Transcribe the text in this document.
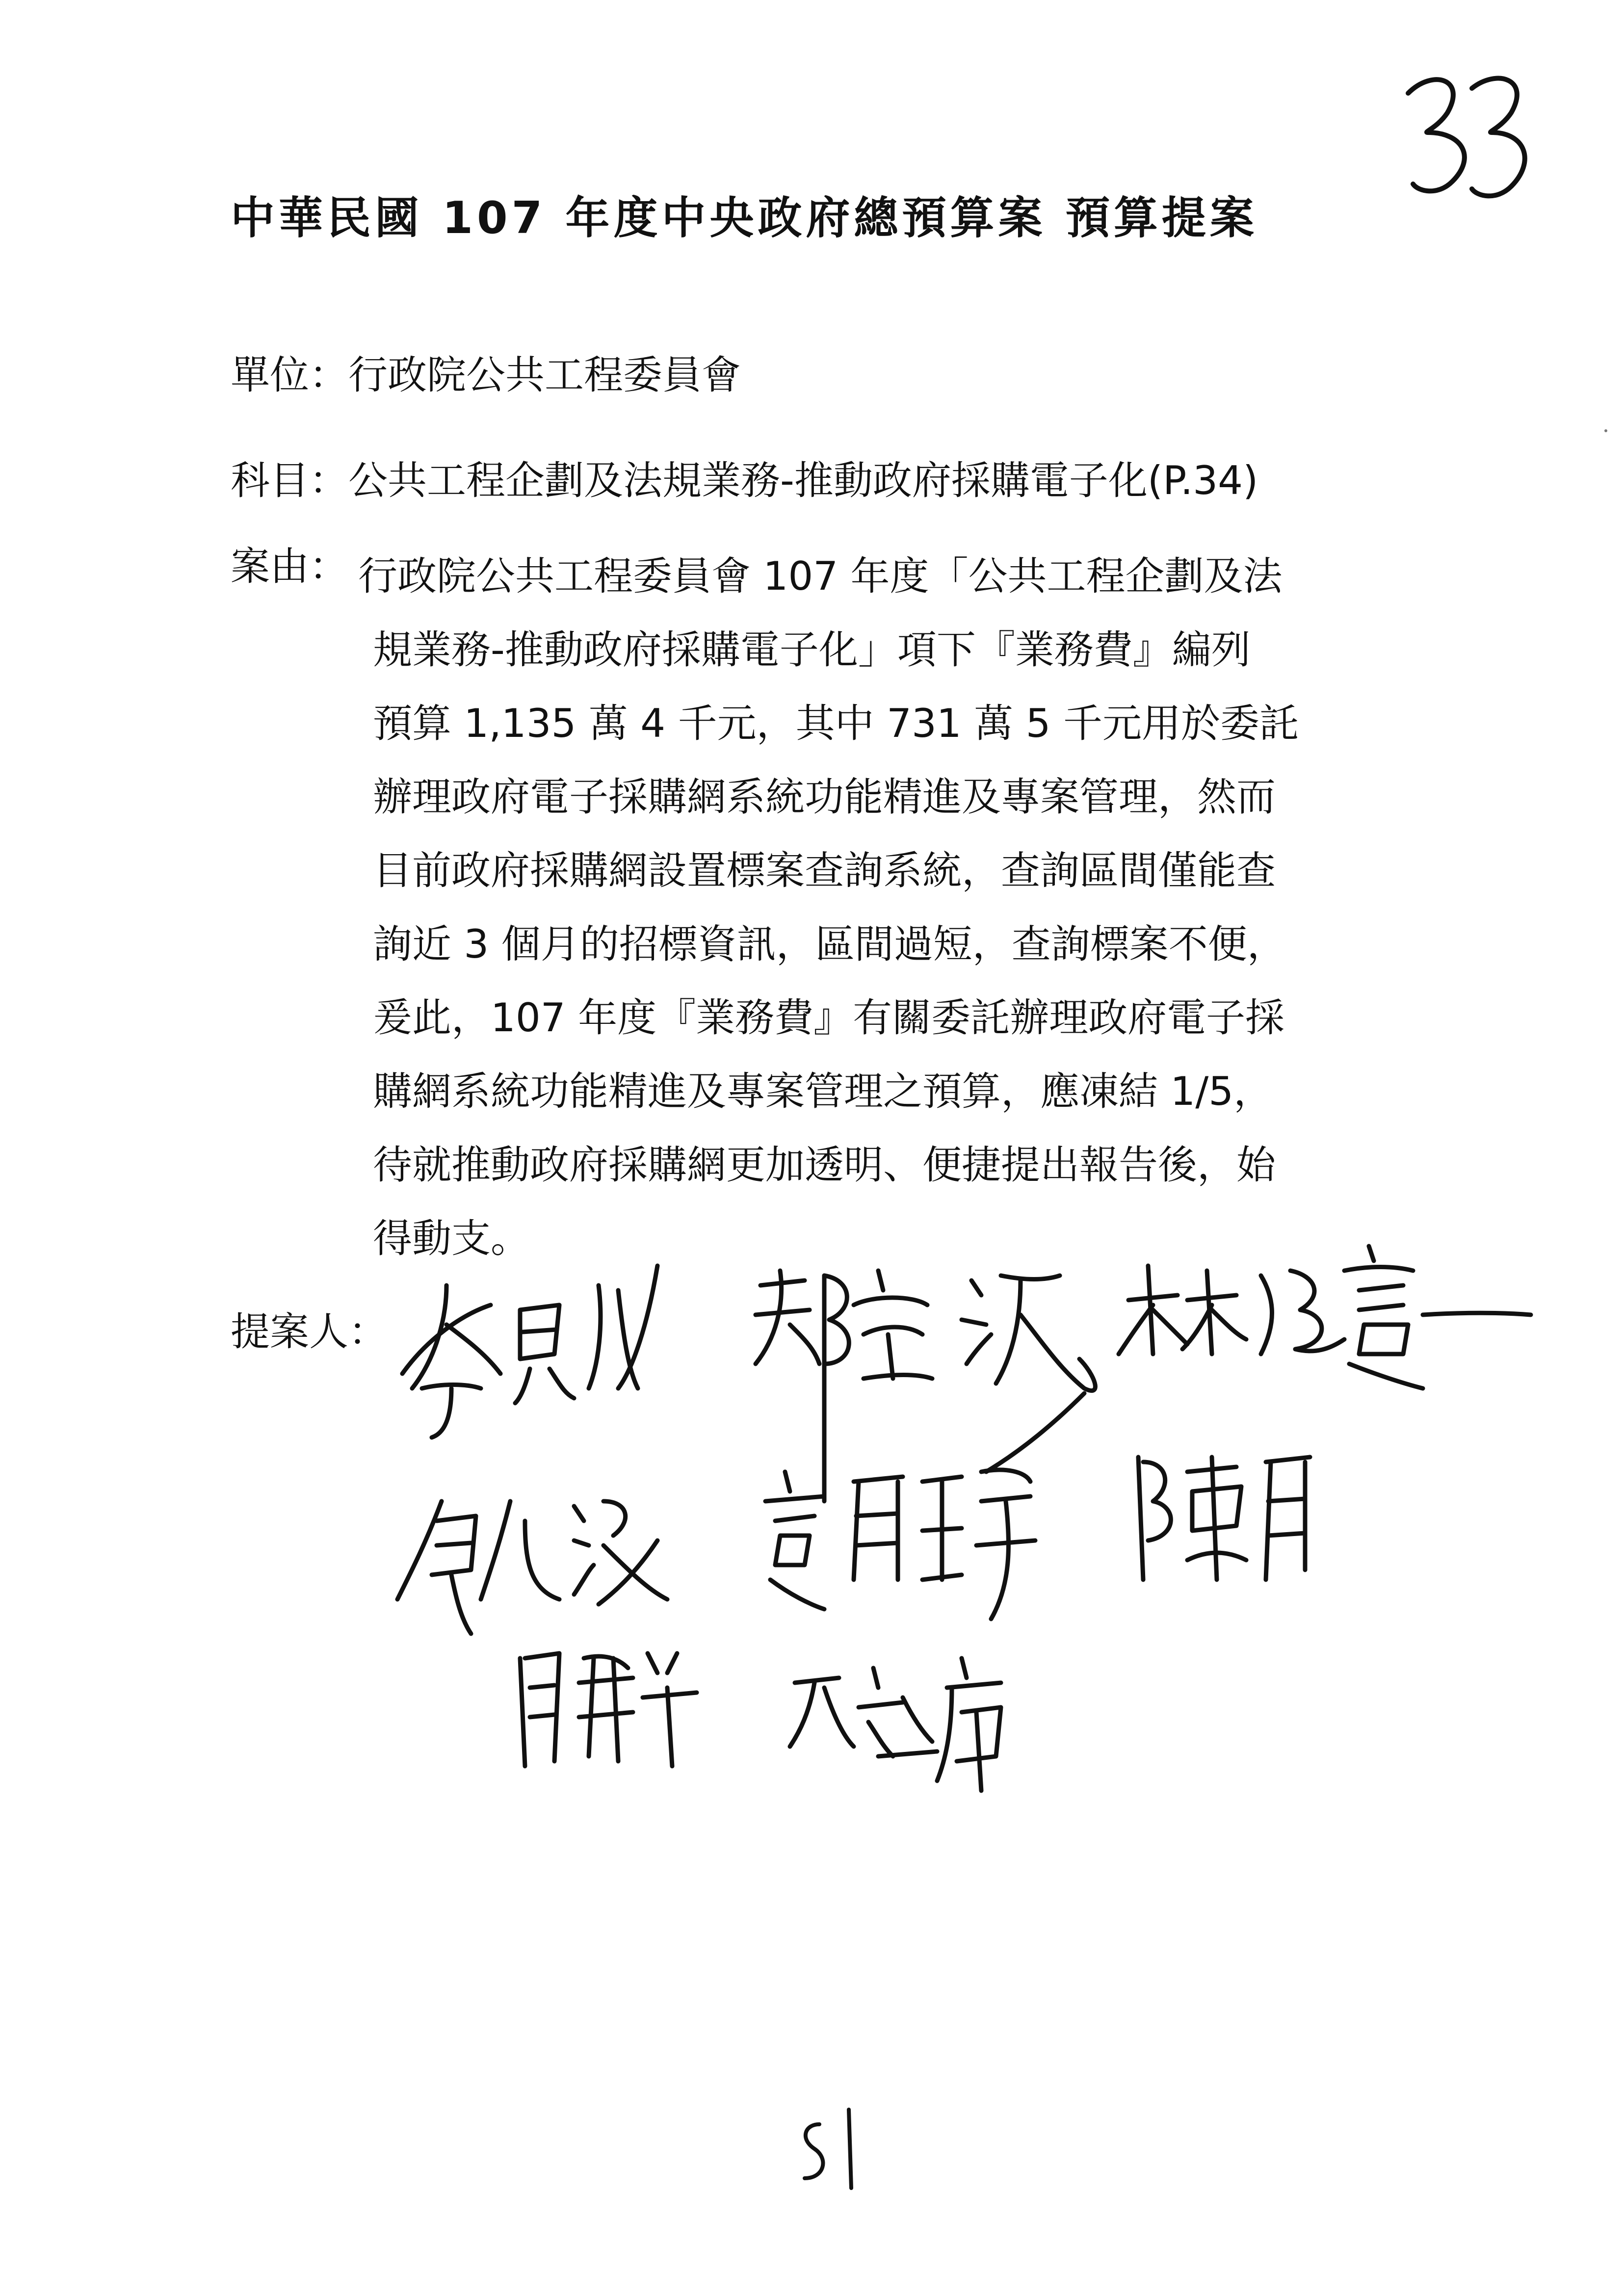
中華民國 107 年度中央政府總預算案 預算提案
單位：行政院公共工程委員會
科目：公共工程企劃及法規業務-推動政府採購電子化(P.34)
案由： 行政院公共工程委員會 107 年度「公共工程企劃及法
規業務-推動政府採購電子化」項下『業務費』編列
預算 1,135 萬 4 千元，其中 731 萬 5 千元用於委託
辦理政府電子採購網系統功能精進及專案管理，然而
目前政府採購網設置標案查詢系統，查詢區間僅能查
詢近 3 個月的招標資訊，區間過短，查詢標案不便，
爰此，107 年度『業務費』有關委託辦理政府電子採
購網系統功能精進及專案管理之預算，應凍結 1/5，
待就推動政府採購網更加透明、便捷提出報告後，始
得動支。
提案人：
